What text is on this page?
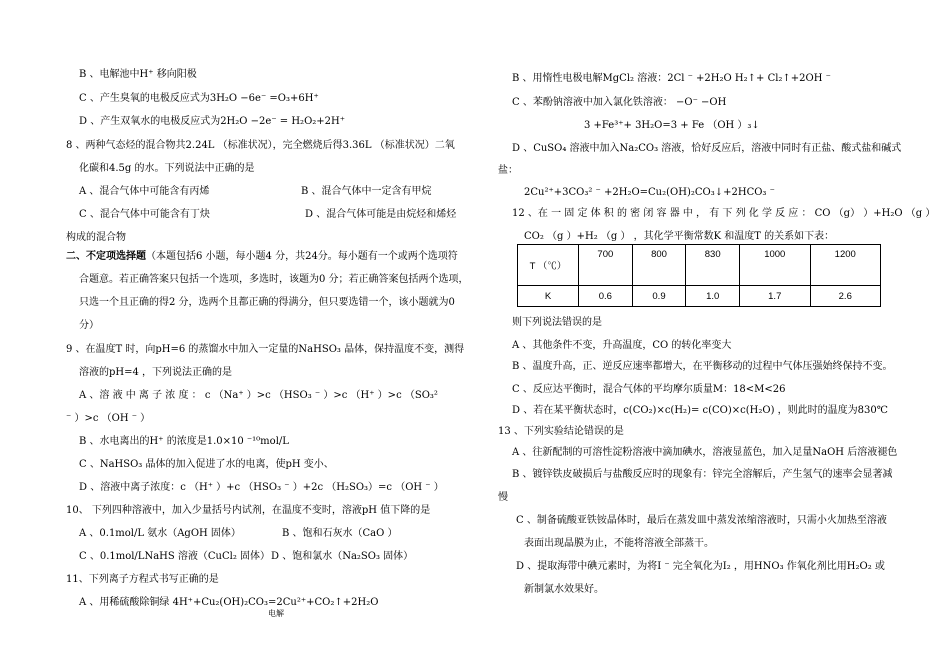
B 、电解池中H⁺ 移向阳极
C 、产生臭氧的电极反应式为3H₂O −6e⁻ =O₃+6H⁺
D 、产生双氧水的电极反应式为2H₂O −2e⁻ = H₂O₂+2H⁺
8 、两种气态烃的混合物共2.24L （标准状况），完全燃烧后得3.36L （标准状况）二氧
化碳和4.5g 的水。下列说法中正确的是
A 、混合气体中可能含有丙烯	B 、混合气体中一定含有甲烷
C 、混合气体中可能含有丁炔	D 、混合气体可能是由烷烃和烯烃
构成的混合物
二、不定项选择题（本题包括6 小题，每小题4 分，共24分。每小题有一个或两个选项符
合题意。若正确答案只包括一个选项，多选时，该题为0 分；若正确答案包括两个选项，
只选一个且正确的得2 分，选两个且都正确的得满分，但只要选错一个，该小题就为0
分）
9 、在温度T 时，向pH=6 的蒸馏水中加入一定量的NaHSO₃ 晶体，保持温度不变，测得
溶液的pH=4 ，下列说法正确的是
A 、溶 液 中 离 子 浓 度 ： c （Na⁺ ）>c （HSO₃ ⁻ ）>c （H⁺ ）>c （SO₃²
⁻ ）>c （OH ⁻ ）
B 、水电离出的H⁺ 的浓度是1.0×10 ⁻¹⁰mol/L
C 、NaHSO₃ 晶体的加入促进了水的电离，使pH 变小、
D 、溶液中离子浓度：c （H⁺ ）+c （HSO₃ ⁻ ）+2c （H₂SO₃）=c （OH ⁻ ）
10、 下列四种溶液中，加入少量括号内试剂，在温度不变时，溶液pH 值下降的是
A 、0.1mol/L 氨水（AgOH 固体）	B 、饱和石灰水（CaO ）
C 、0.1mol/LNaHS 溶液（CuCl₂ 固体） D 、饱和氯水（Na₂SO₃ 固体）
11、下列离子方程式书写正确的是
A 、用稀硫酸除铜绿 4H⁺+Cu₂(OH)₂CO₃=2Cu²⁺+CO₂↑+2H₂O
电解
B 、用惰性电极电解MgCl₂ 溶液：2Cl ⁻ +2H₂O H₂↑+ Cl₂↑+2OH ⁻
C 、苯酚钠溶液中加入氯化铁溶液： −O⁻ −OH
3 +Fe³⁺+ 3H₂O=3 + Fe （OH ）₃↓
D 、CuSO₄ 溶液中加入Na₂CO₃ 溶液，恰好反应后，溶液中同时有正盐、酸式盐和碱式
盐：
2Cu²⁺+3CO₃² ⁻ +2H₂O=Cu₂(OH)₂CO₃↓+2HCO₃ ⁻
12 、在 一 固 定 体 积 的 密 闭 容 器 中 ， 有 下 列 化 学 反 应 ： CO （g） ）+H₂O （g ）
CO₂ （g ）+H₂ （g ） ，其化学平衡常数K 和温度T 的关系如下表：
则下列说法错误的是
A 、其他条件不变，升高温度，CO 的转化率变大
B 、温度升高，正、逆反应速率都增大，在平衡移动的过程中气体压强始终保持不变。
C 、反应达平衡时，混合气体的平均摩尔质量M：18<M<26
D 、若在某平衡状态时，c(CO₂)×c(H₂)= c(CO)×c(H₂O) ，则此时的温度为830℃
13 、下列实验结论错误的是
A 、往新配制的可溶性淀粉溶液中滴加碘水，溶液显蓝色，加入足量NaOH 后溶液褪色
B 、镀锌铁皮破损后与盐酸反应时的现象有：锌完全溶解后，产生氢气的速率会显著减
慢
C 、制备硫酸亚铁铵晶体时，最后在蒸发皿中蒸发浓缩溶液时，只需小火加热至溶液
表面出现晶膜为止，不能将溶液全部蒸干。
D 、提取海带中碘元素时，为将I ⁻ 完全氧化为I₂ ，用HNO₃ 作氧化剂比用H₂O₂ 或
新制氯水效果好。
T （℃）	700	800	830	1000	1200
K	0.6	0.9	1.0	1.7	2.6
